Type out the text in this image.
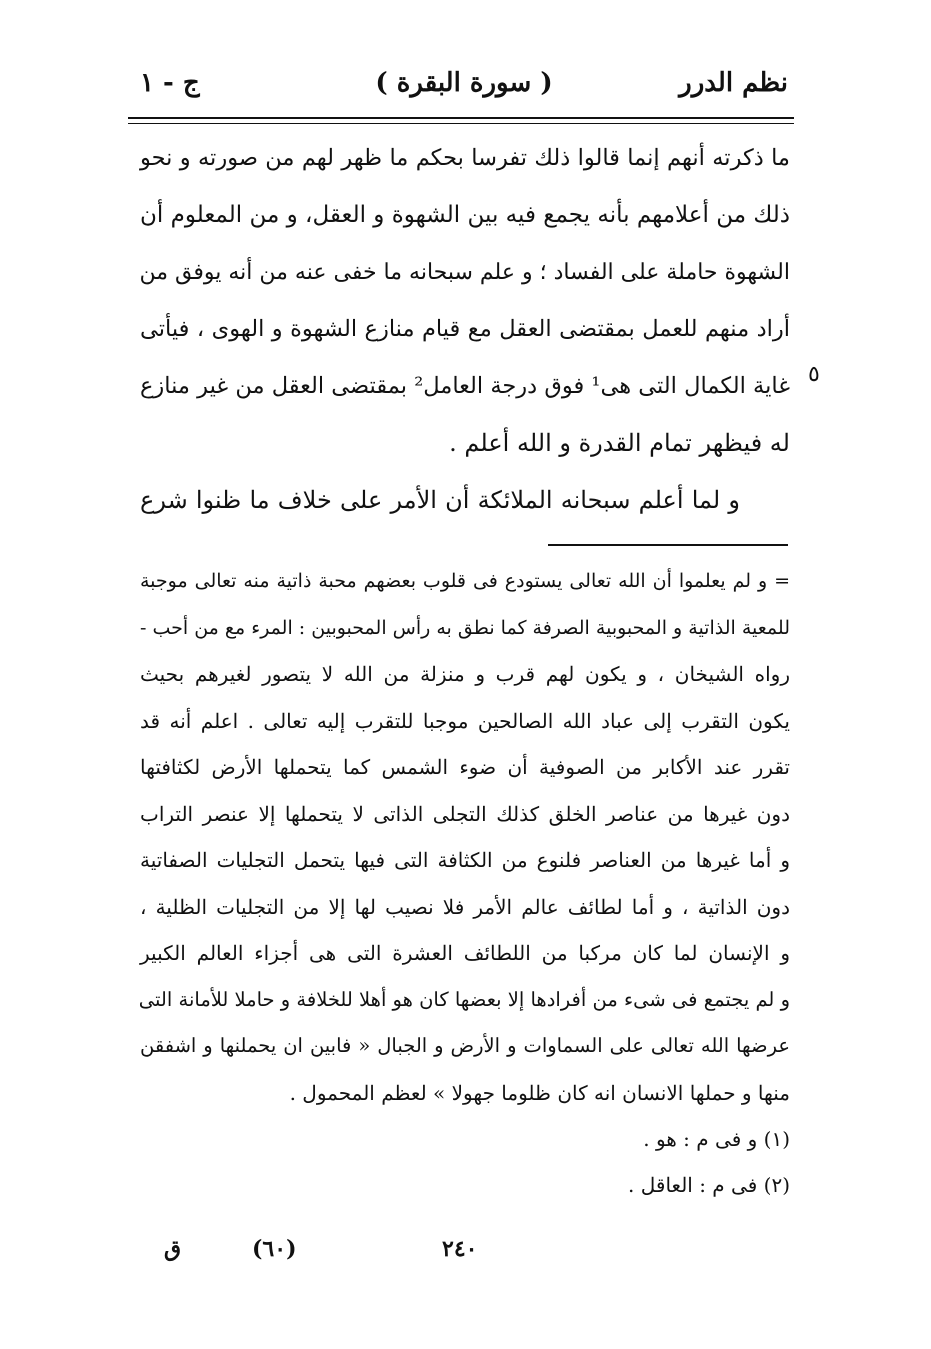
نظم الدرر
( سورة البقرة )
ج - ١
ما ذكرته أنهم إنما قالوا ذلك تفرسا بحكم ما ظهر لهم من صورته و نحو
ذلك من أعلامهم بأنه يجمع فيه بين الشهوة و العقل، و من المعلوم أن
الشهوة حاملة على الفساد ؛ و علم سبحانه ما خفى عنه من أنه يوفق من
أراد منهم للعمل بمقتضى العقل مع قيام منازع الشهوة و الهوى ، فيأتى
غاية الكمال التى هى¹ فوق درجة العامل² بمقتضى العقل من غير منازع
له فيظهر تمام القدرة و الله أعلم .
و لما أعلم سبحانه الملائكة أن الأمر على خلاف ما ظنوا شرع
٥
= و لم يعلموا أن الله تعالى يستودع فى قلوب بعضهم محبة ذاتية منه تعالى موجبة
للمعية الذاتية و المحبوبية الصرفة كما نطق به رأس المحبوبين : المرء مع من أحب -
رواه الشيخان ، و يكون لهم قرب و منزلة من الله لا يتصور لغيرهم بحيث
يكون التقرب إلى عباد الله الصالحين موجبا للتقرب إليه تعالى . اعلم أنه قد
تقرر عند الأكابر من الصوفية أن ضوء الشمس كما يتحملها الأرض لكثافتها
دون غيرها من عناصر الخلق كذلك التجلى الذاتى لا يتحملها إلا عنصر التراب
و أما غيرها من العناصر فلنوع من الكثافة التى فيها يتحمل التجليات الصفاتية
دون الذاتية ، و أما لطائف عالم الأمر فلا نصيب لها إلا من التجليات الظلية ،
و الإنسان لما كان مركبا من اللطائف العشرة التى هى أجزاء العالم الكبير
و لم يجتمع فى شىء من أفرادها إلا بعضها كان هو أهلا للخلافة و حاملا للأمانة التى
عرضها الله تعالى على السماوات و الأرض و الجبال « فابين ان يحملنها و اشفقن
منها و حملها الانسان انه كان ظلوما جهولا » لعظم المحمول .
(١) و فى م : هو .
(٢) فى م : العاقل .
٢٤٠
(٦٠)
ق
